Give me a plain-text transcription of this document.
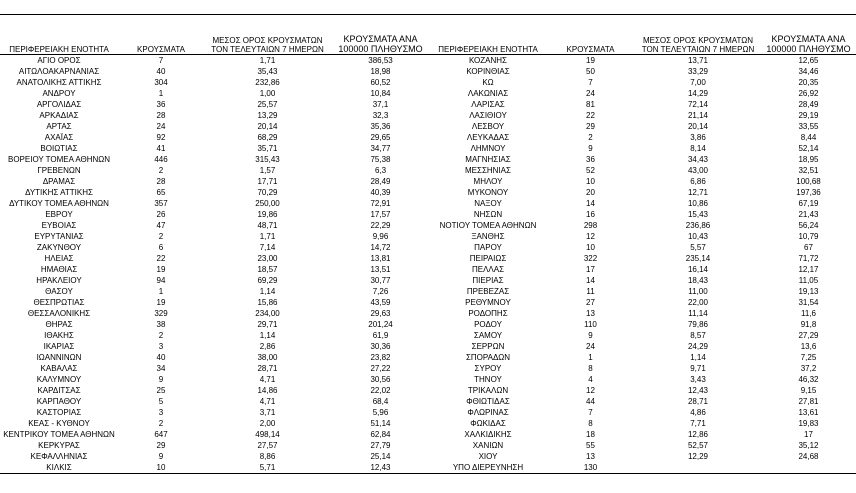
ΠΕΡΙΦΕΡΕΙΑΚΗ ΕΝΟΤΗΤΑ	ΚΡΟΥΣΜΑΤΑ	ΜΕΣΟΣ ΟΡΟΣ ΚΡΟΥΣΜΑΤΩΝ ΤΟΝ ΤΕΛΕΥΤΑΙΩΝ 7 ΗΜΕΡΩΝ	ΚΡΟΥΣΜΑΤΑ ΑΝΑ 100000 ΠΛΗΘΥΣΜΟ	ΠΕΡΙΦΕΡΕΙΑΚΗ ΕΝΟΤΗΤΑ	ΚΡΟΥΣΜΑΤΑ	ΜΕΣΟΣ ΟΡΟΣ ΚΡΟΥΣΜΑΤΩΝ ΤΟΝ ΤΕΛΕΥΤΑΙΩΝ 7 ΗΜΕΡΩΝ	ΚΡΟΥΣΜΑΤΑ ΑΝΑ 100000 ΠΛΗΘΥΣΜΟ
ΑΓΙΟ ΟΡΟΣ	7	1,71	386,53	ΚΟΖΑΝΗΣ	19	13,71	12,65
ΑΙΤΩΛΟΑΚΑΡΝΑΝΙΑΣ	40	35,43	18,98	ΚΟΡΙΝΘΙΑΣ	50	33,29	34,46
ΑΝΑΤΟΛΙΚΗΣ ΑΤΤΙΚΗΣ	304	232,86	60,52	ΚΩ	7	7,00	20,35
ΑΝΔΡΟΥ	1	1,00	10,84	ΛΑΚΩΝΙΑΣ	24	14,29	26,92
ΑΡΓΟΛΙΔΑΣ	36	25,57	37,1	ΛΑΡΙΣΑΣ	81	72,14	28,49
ΑΡΚΑΔΙΑΣ	28	13,29	32,3	ΛΑΣΙΘΙΟΥ	22	21,14	29,19
ΑΡΤΑΣ	24	20,14	35,36	ΛΕΣΒΟΥ	29	20,14	33,55
ΑΧΑΪΑΣ	92	68,29	29,65	ΛΕΥΚΑΔΑΣ	2	3,86	8,44
ΒΟΙΩΤΙΑΣ	41	35,71	34,77	ΛΗΜΝΟΥ	9	8,14	52,14
ΒΟΡΕΙΟΥ ΤΟΜΕΑ ΑΘΗΝΩΝ	446	315,43	75,38	ΜΑΓΝΗΣΙΑΣ	36	34,43	18,95
ΓΡΕΒΕΝΩΝ	2	1,57	6,3	ΜΕΣΣΗΝΙΑΣ	52	43,00	32,51
ΔΡΑΜΑΣ	28	17,71	28,49	ΜΗΛΟΥ	10	6,86	100,68
ΔΥΤΙΚΗΣ ΑΤΤΙΚΗΣ	65	70,29	40,39	ΜΥΚΟΝΟΥ	20	12,71	197,36
ΔΥΤΙΚΟΥ ΤΟΜΕΑ ΑΘΗΝΩΝ	357	250,00	72,91	ΝΑΞΟΥ	14	10,86	67,19
ΕΒΡΟΥ	26	19,86	17,57	ΝΗΣΩΝ	16	15,43	21,43
ΕΥΒΟΙΑΣ	47	48,71	22,29	ΝΟΤΙΟΥ ΤΟΜΕΑ ΑΘΗΝΩΝ	298	236,86	56,24
ΕΥΡΥΤΑΝΙΑΣ	2	1,71	9,96	ΞΑΝΘΗΣ	12	10,43	10,79
ΖΑΚΥΝΘΟΥ	6	7,14	14,72	ΠΑΡΟΥ	10	5,57	67
ΗΛΕΙΑΣ	22	23,00	13,81	ΠΕΙΡΑΙΩΣ	322	235,14	71,72
ΗΜΑΘΙΑΣ	19	18,57	13,51	ΠΕΛΛΑΣ	17	16,14	12,17
ΗΡΑΚΛΕΙΟΥ	94	69,29	30,77	ΠΙΕΡΙΑΣ	14	18,43	11,05
ΘΑΣΟΥ	1	1,14	7,26	ΠΡΕΒΕΖΑΣ	11	11,00	19,13
ΘΕΣΠΡΩΤΙΑΣ	19	15,86	43,59	ΡΕΘΥΜΝΟΥ	27	22,00	31,54
ΘΕΣΣΑΛΟΝΙΚΗΣ	329	234,00	29,63	ΡΟΔΟΠΗΣ	13	11,14	11,6
ΘΗΡΑΣ	38	29,71	201,24	ΡΟΔΟΥ	110	79,86	91,8
ΙΘΑΚΗΣ	2	1,14	61,9	ΣΑΜΟΥ	9	8,57	27,29
ΙΚΑΡΙΑΣ	3	2,86	30,36	ΣΕΡΡΩΝ	24	24,29	13,6
ΙΩΑΝΝΙΝΩΝ	40	38,00	23,82	ΣΠΟΡΑΔΩΝ	1	1,14	7,25
ΚΑΒΑΛΑΣ	34	28,71	27,22	ΣΥΡΟΥ	8	9,71	37,2
ΚΑΛΥΜΝΟΥ	9	4,71	30,56	ΤΗΝΟΥ	4	3,43	46,32
ΚΑΡΔΙΤΣΑΣ	25	14,86	22,02	ΤΡΙΚΑΛΩΝ	12	12,43	9,15
ΚΑΡΠΑΘΟΥ	5	4,71	68,4	ΦΘΙΩΤΙΔΑΣ	44	28,71	27,81
ΚΑΣΤΟΡΙΑΣ	3	3,71	5,96	ΦΛΩΡΙΝΑΣ	7	4,86	13,61
ΚΕΑΣ - ΚΥΘΝΟΥ	2	2,00	51,14	ΦΩΚΙΔΑΣ	8	7,71	19,83
ΚΕΝΤΡΙΚΟΥ ΤΟΜΕΑ ΑΘΗΝΩΝ	647	498,14	62,84	ΧΑΛΚΙΔΙΚΗΣ	18	12,86	17
ΚΕΡΚΥΡΑΣ	29	27,57	27,79	ΧΑΝΙΩΝ	55	52,57	35,12
ΚΕΦΑΛΛΗΝΙΑΣ	9	8,86	25,14	ΧΙΟΥ	13	12,29	24,68
ΚΙΛΚΙΣ	10	5,71	12,43	ΥΠΟ ΔΙΕΡΕΥΝΗΣΗ	130		
